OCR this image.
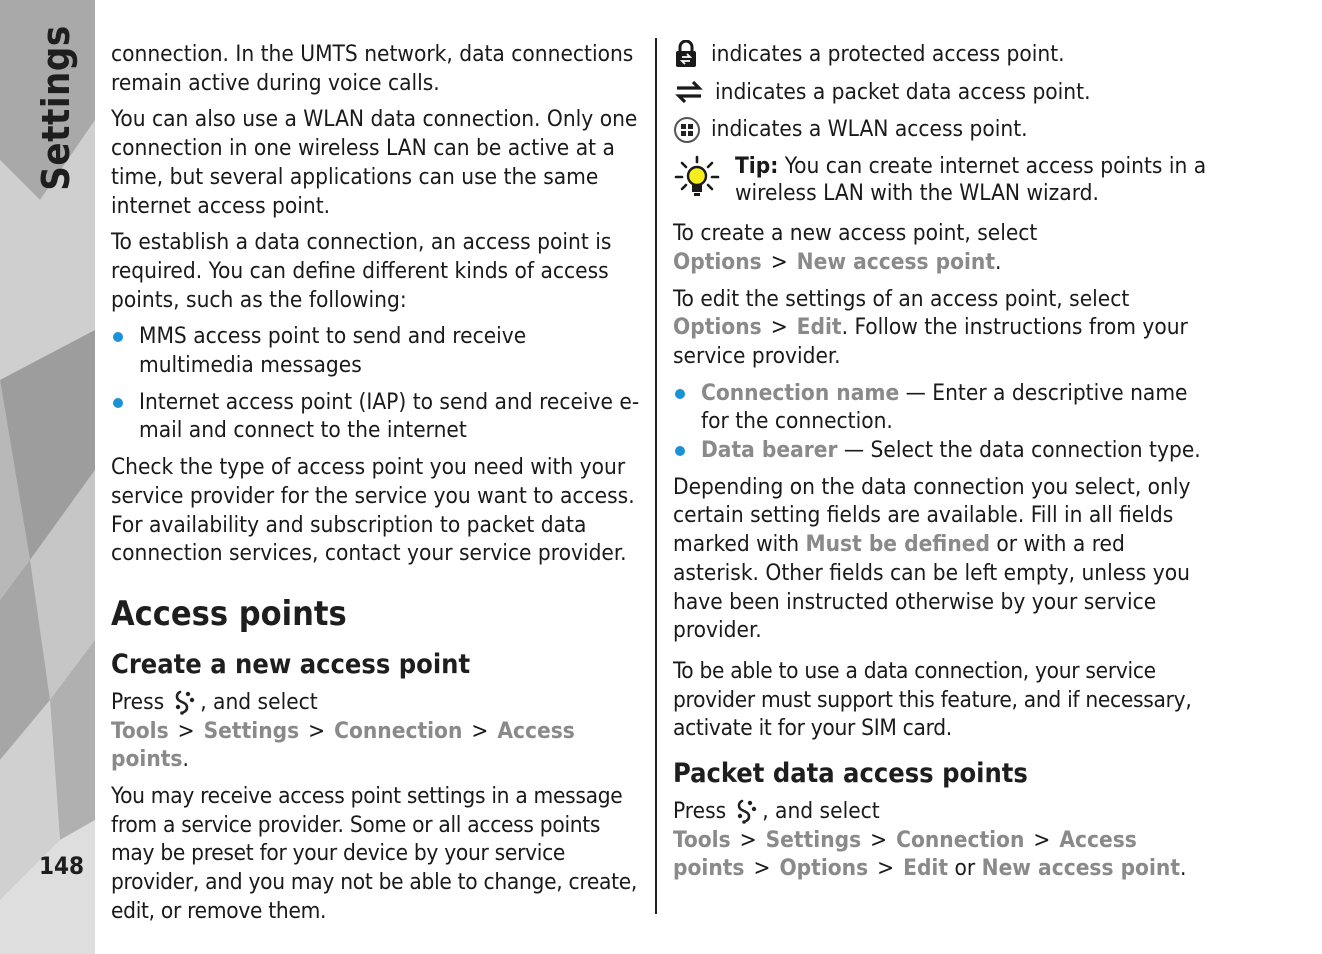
Settings
148

connection. In the UMTS network, data connections remain active during voice calls.

You can also use a WLAN data connection. Only one connection in one wireless LAN can be active at a time, but several applications can use the same internet access point.

To establish a data connection, an access point is required. You can define different kinds of access points, such as the following:

MMS access point to send and receive multimedia messages
Internet access point (IAP) to send and receive e-mail and connect to the internet

Check the type of access point you need with your service provider for the service you want to access. For availability and subscription to packet data connection services, contact your service provider.

Access points
Create a new access point

Press , and select Tools > Settings > Connection > Access points.

You may receive access point settings in a message from a service provider. Some or all access points may be preset for your device by your service provider, and you may not be able to change, create, edit, or remove them.

indicates a protected access point.
indicates a packet data access point.
indicates a WLAN access point.
Tip: You can create internet access points in a wireless LAN with the WLAN wizard.

To create a new access point, select Options > New access point.

To edit the settings of an access point, select Options > Edit. Follow the instructions from your service provider.

Connection name — Enter a descriptive name for the connection.
Data bearer — Select the data connection type.

Depending on the data connection you select, only certain setting fields are available. Fill in all fields marked with Must be defined or with a red asterisk. Other fields can be left empty, unless you have been instructed otherwise by your service provider.

To be able to use a data connection, your service provider must support this feature, and if necessary, activate it for your SIM card.

Packet data access points

Press , and select Tools > Settings > Connection > Access points > Options > Edit or New access point.
